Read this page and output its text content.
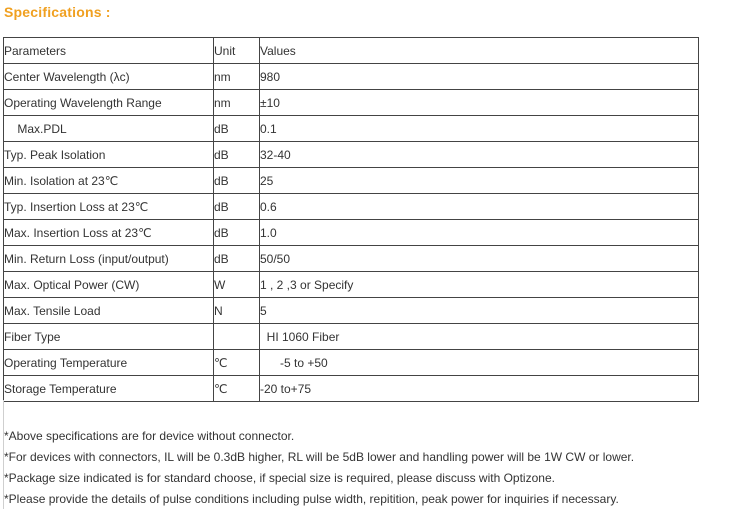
Specifications :
Parameters	Unit	Values
Center Wavelength (λc)	nm	980
Operating Wavelength Range	nm	±10
Max.PDL	dB	0.1
Typ. Peak Isolation	dB	32-40
Min. Isolation at 23℃	dB	25
Typ. Insertion Loss at 23℃	dB	0.6
Max. Insertion Loss at 23℃	dB	1.0
Min. Return Loss (input/output)	dB	50/50
Max. Optical Power (CW)	W	1 , 2 ,3 or Specify
Max. Tensile Load	N	5
Fiber Type		HI 1060 Fiber
Operating Temperature	℃	-5 to +50
Storage Temperature	℃	-20 to+75
*Above specifications are for device without connector.
*For devices with connectors, IL will be 0.3dB higher, RL will be 5dB lower and handling power will be 1W CW or lower.
*Package size indicated is for standard choose, if special size is required, please discuss with Optizone.
*Please provide the details of pulse conditions including pulse width, repitition, peak power for inquiries if necessary.
